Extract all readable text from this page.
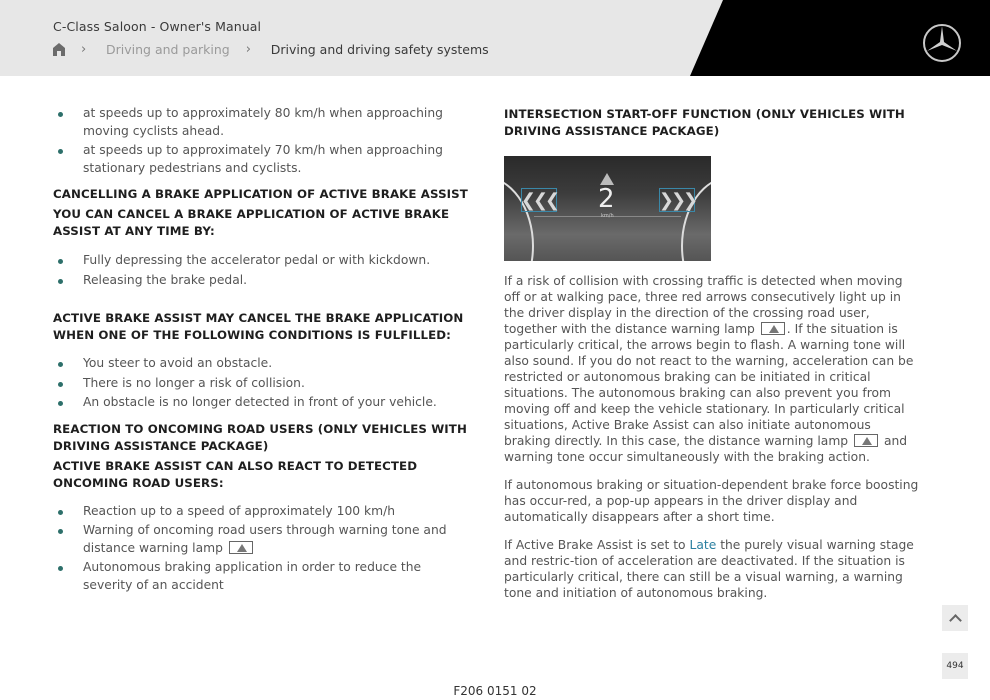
C-Class Saloon - Owner's Manual
› Driving and parking › Driving and driving safety systems
at speeds up to approximately 80 km/h when approaching moving cyclists ahead.
at speeds up to approximately 70 km/h when approaching stationary pedestrians and cyclists.
CANCELLING A BRAKE APPLICATION OF ACTIVE BRAKE ASSIST
YOU CAN CANCEL A BRAKE APPLICATION OF ACTIVE BRAKE ASSIST AT ANY TIME BY:
Fully depressing the accelerator pedal or with kickdown.
Releasing the brake pedal.
ACTIVE BRAKE ASSIST MAY CANCEL THE BRAKE APPLICATION WHEN ONE OF THE FOLLOWING CONDITIONS IS FULFILLED:
You steer to avoid an obstacle.
There is no longer a risk of collision.
An obstacle is no longer detected in front of your vehicle.
REACTION TO ONCOMING ROAD USERS (ONLY VEHICLES WITH DRIVING ASSISTANCE PACKAGE)
ACTIVE BRAKE ASSIST CAN ALSO REACT TO DETECTED ONCOMING ROAD USERS:
Reaction up to a speed of approximately 100 km/h
Warning of oncoming road users through warning tone and distance warning lamp
Autonomous braking application in order to reduce the severity of an accident
INTERSECTION START-OFF FUNCTION (ONLY VEHICLES WITH DRIVING ASSISTANCE PACKAGE)
❮❮❮	❯❯❯
2
km/h

If a risk of collision with crossing traffic is detected when moving off or at walking pace, three red arrows consecutively light up in the driver display in the direction of the crossing road user, together with the distance warning lamp	. If the situation is particularly critical, the arrows begin to flash. A warning tone will also sound. If you do not react to the warning, acceleration can be restricted or autonomous braking can be initiated in critical situations. The autonomous braking can also prevent you from moving off and keep the vehicle stationary. In particularly critical situations, Active Brake Assist can also initiate autonomous braking directly. In this case, the distance warning lamp	and warning tone occur simultaneously with the braking action.

If autonomous braking or situation-dependent brake force boosting has occur-red, a pop-up appears in the driver display and automatically disappears after a short time.

If Active Brake Assist is set to Late the purely visual warning stage and restric-tion of acceleration are deactivated. If the situation is particularly critical, there can still be a visual warning, a warning tone and initiation of autonomous braking.

494
F206 0151 02
